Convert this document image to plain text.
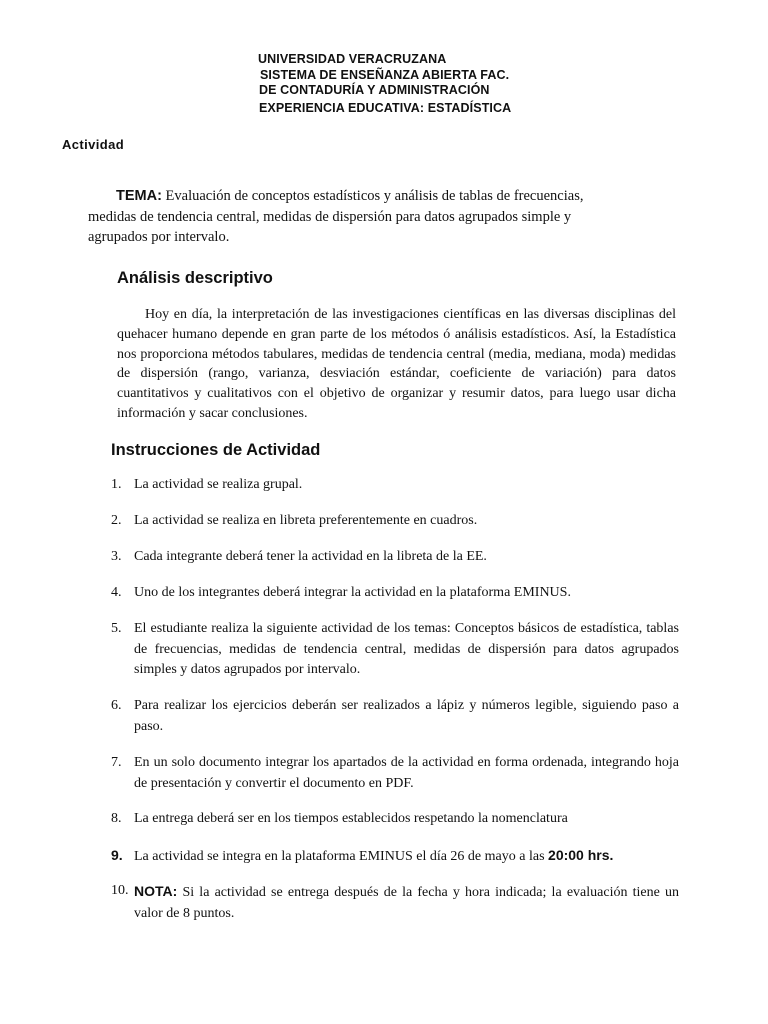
UNIVERSIDAD VERACRUZANA
SISTEMA DE ENSEÑANZA ABIERTA FAC.
DE CONTADURÍA Y ADMINISTRACIÓN
EXPERIENCIA EDUCATIVA: ESTADÍSTICA
Actividad
TEMA: Evaluación de conceptos estadísticos y análisis de tablas de frecuencias, medidas de tendencia central, medidas de dispersión para datos agrupados simple y agrupados por intervalo.
Análisis descriptivo
Hoy en día, la interpretación de las investigaciones científicas en las diversas disciplinas del quehacer humano depende en gran parte de los métodos ó análisis estadísticos. Así, la Estadística nos proporciona métodos tabulares, medidas de tendencia central (media, mediana, moda) medidas de dispersión (rango, varianza, desviación estándar, coeficiente de variación) para datos cuantitativos y cualitativos con el objetivo de organizar y resumir datos, para luego usar dicha información y sacar conclusiones.
Instrucciones de Actividad
1. La actividad se realiza grupal.
2. La actividad se realiza en libreta preferentemente en cuadros.
3. Cada integrante deberá tener la actividad en la libreta de la EE.
4. Uno de los integrantes deberá integrar la actividad en la plataforma EMINUS.
5. El estudiante realiza la siguiente actividad de los temas: Conceptos básicos de estadística, tablas de frecuencias, medidas de tendencia central, medidas de dispersión para datos agrupados simples y datos agrupados por intervalo.
6. Para realizar los ejercicios deberán ser realizados a lápiz y números legible, siguiendo paso a paso.
7. En un solo documento integrar los apartados de la actividad en forma ordenada, integrando hoja de presentación y convertir el documento en PDF.
8. La entrega deberá ser en los tiempos establecidos respetando la nomenclatura
9. La actividad se integra en la plataforma EMINUS el día 26 de mayo a las 20:00 hrs.
10. NOTA: Si la actividad se entrega después de la fecha y hora indicada; la evaluación tiene un valor de 8 puntos.
